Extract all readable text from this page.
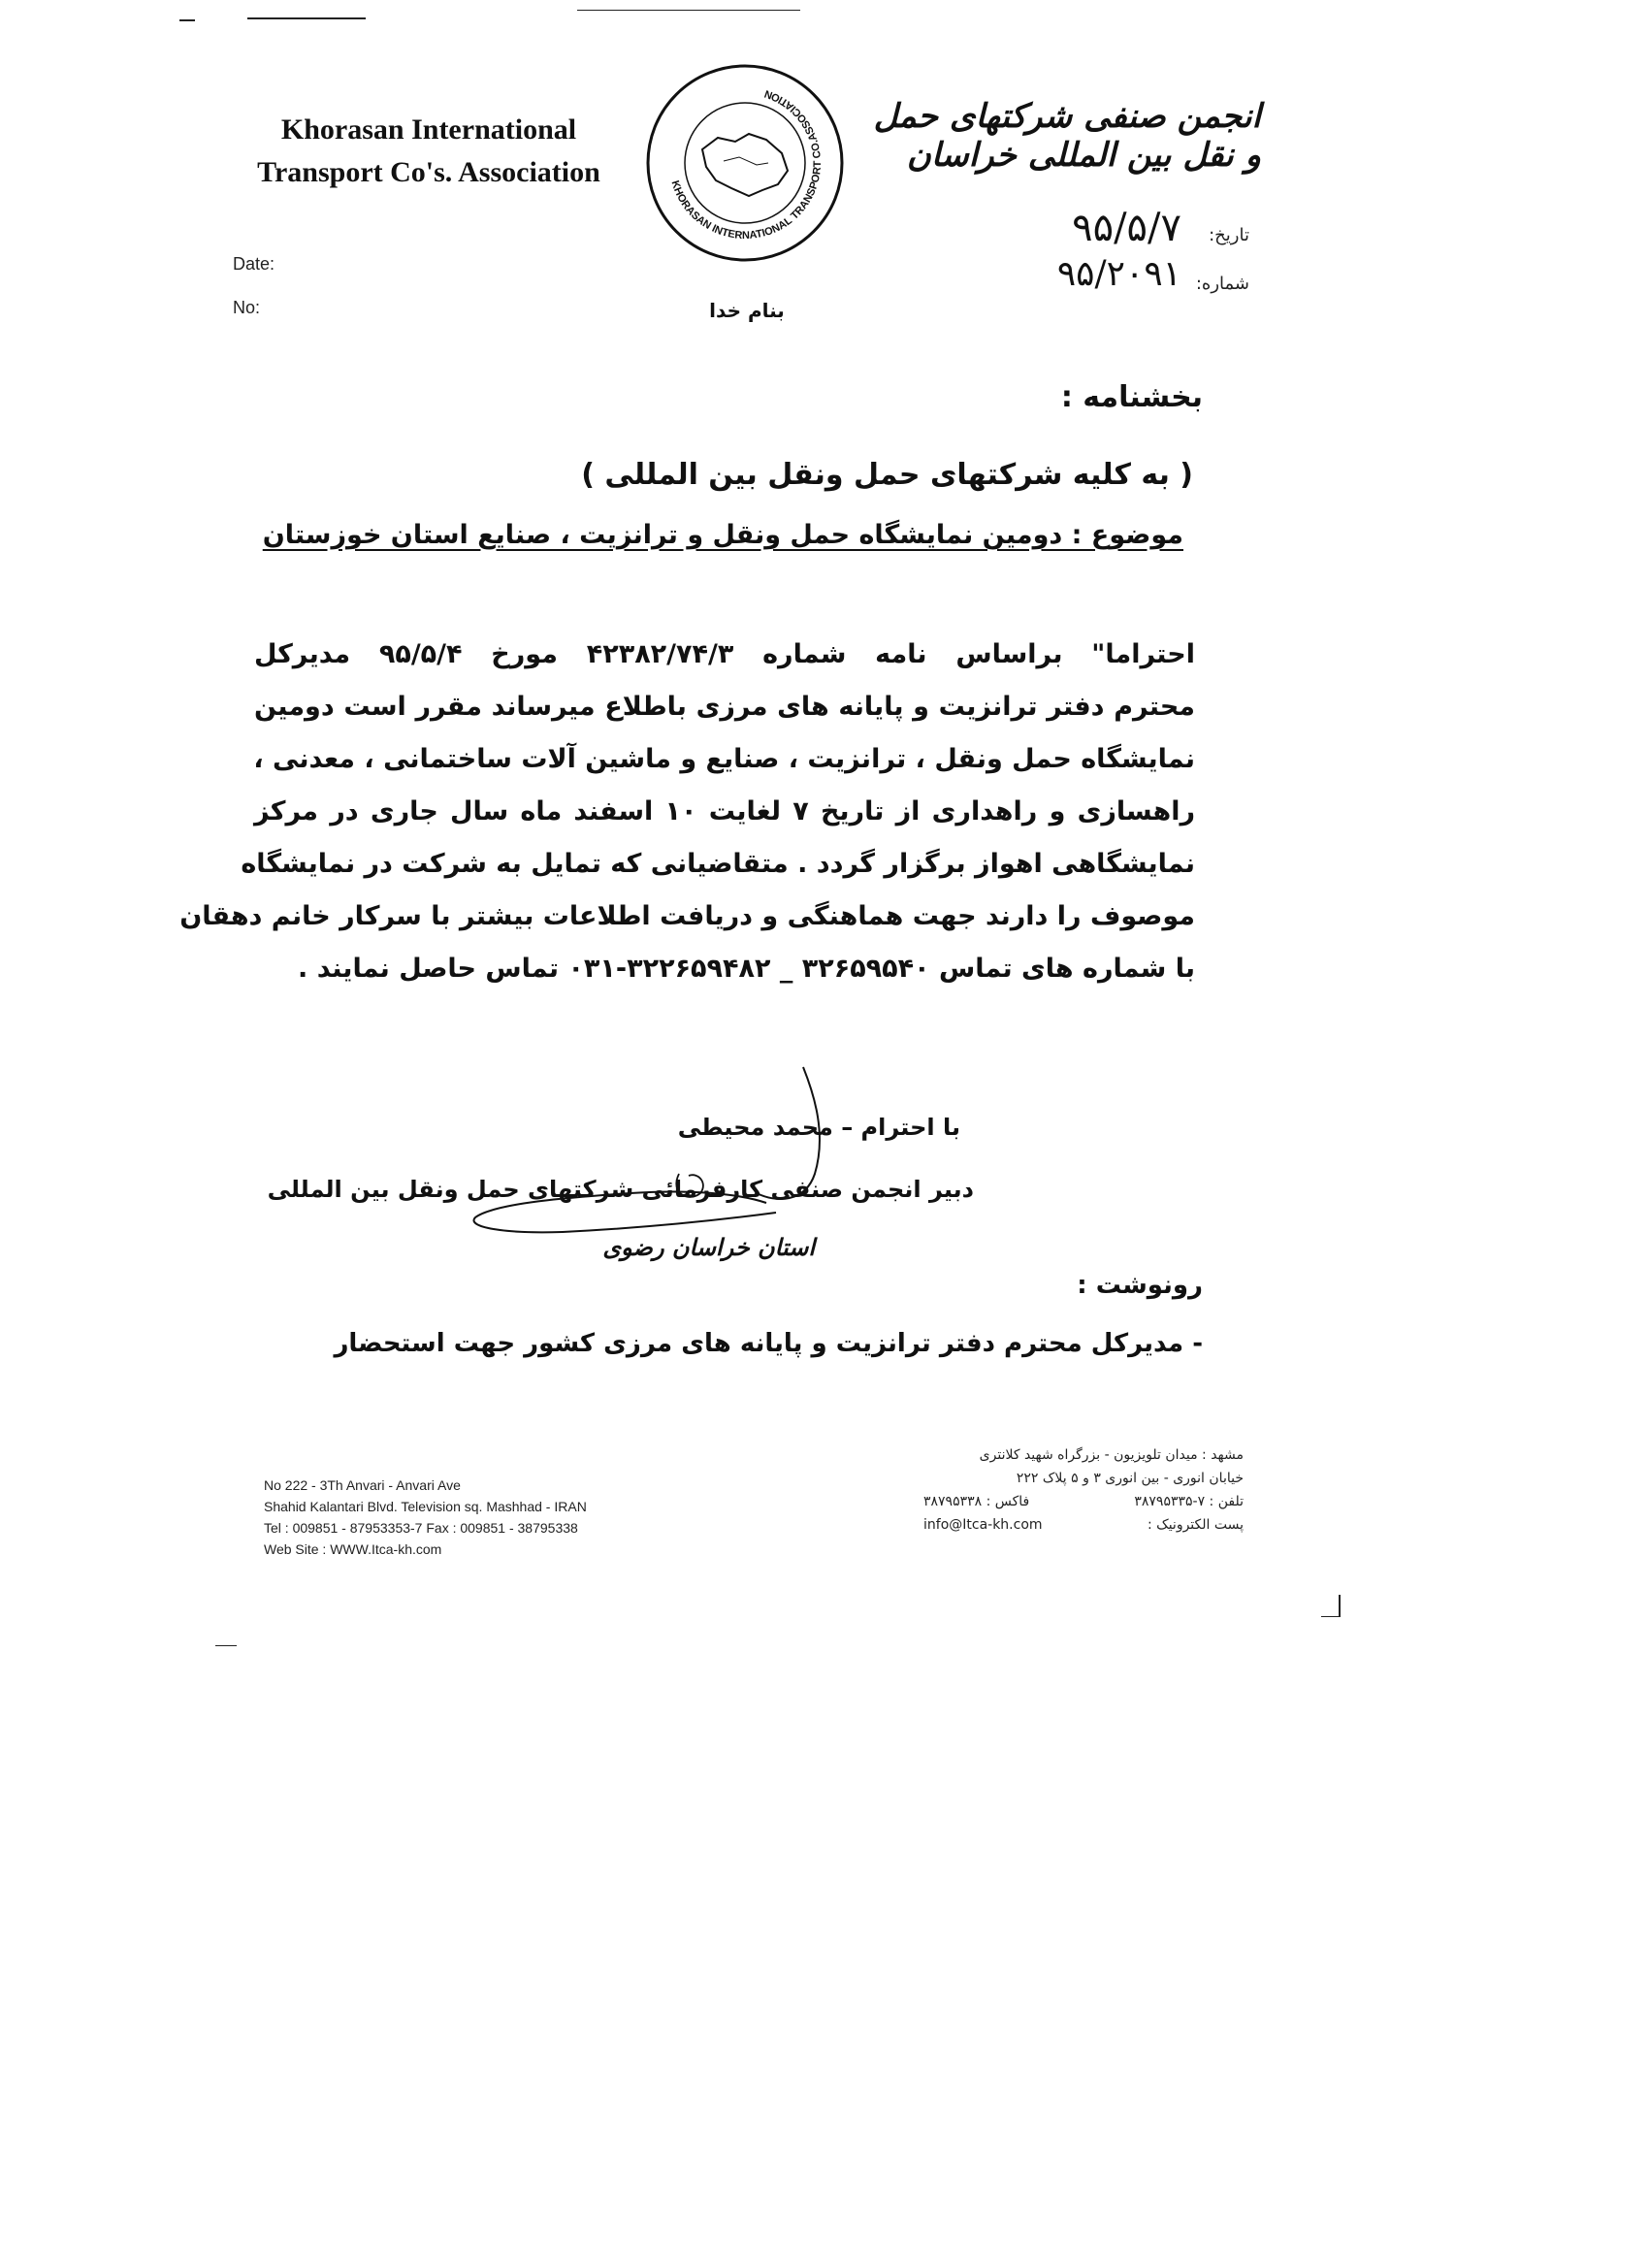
Khorasan International
Transport Co's. Association
Date:
No:
KHORASAN INTERNATIONAL TRANSPORT CO.ASSOCIATION
انجمن صنفی شرکتهای حمل و نقل بین المللی خراسان
تاریخ:
۹۵/۵/۷
شماره:
۹۵/۲۰۹۱
بنام خدا
بخشنامه :
( به کلیه شرکتهای حمل ونقل بین المللی )
موضوع : دومین نمایشگاه حمل ونقل و ترانزیت ، صنایع استان خوزستان
احتراما" براساس نامه شماره ۴۲۳۸۲/۷۴/۳ مورخ ۹۵/۵/۴ مدیرکل
محترم دفتر ترانزیت و پایانه های مرزی باطلاع میرساند مقرر است دومین
نمایشگاه حمل ونقل ، ترانزیت ، صنایع و ماشین آلات ساختمانی ، معدنی ،
راهسازی و راهداری از تاریخ ۷ لغایت ۱۰ اسفند ماه سال جاری در مرکز
نمایشگاهی اهواز برگزار گردد . متقاضیانی که تمایل به شرکت در نمایشگاه
موصوف را دارند جهت هماهنگی و دریافت اطلاعات بیشتر با سرکار خانم دهقان
با شماره های تماس ۳۲۶۵۹۵۴۰ _ ۳۲۲۶۵۹۴۸۲-۰۳۱ تماس حاصل نمایند .
با احترام – محمد محیطی
دبیر انجمن صنفی کارفرمائی شرکتهای حمل ونقل بین المللی
استان خراسان رضوی
رونوشت :
- مدیرکل محترم دفتر ترانزیت و پایانه های مرزی کشور جهت استحضار
No 222 - 3Th Anvari - Anvari Ave
Shahid Kalantari Blvd. Television sq. Mashhad - IRAN
Tel : 009851 - 87953353-7 Fax : 009851 - 38795338
Web Site : WWW.Itca-kh.com
مشهد : میدان تلویزیون - بزرگراه شهید کلانتری
خیابان انوری - بین انوری ۳ و ۵ پلاک ۲۲۲
تلفن : ۷-۳۸۷۹۵۳۳۵
فاکس : ۳۸۷۹۵۳۳۸
پست الکترونیک :
info@Itca-kh.com
